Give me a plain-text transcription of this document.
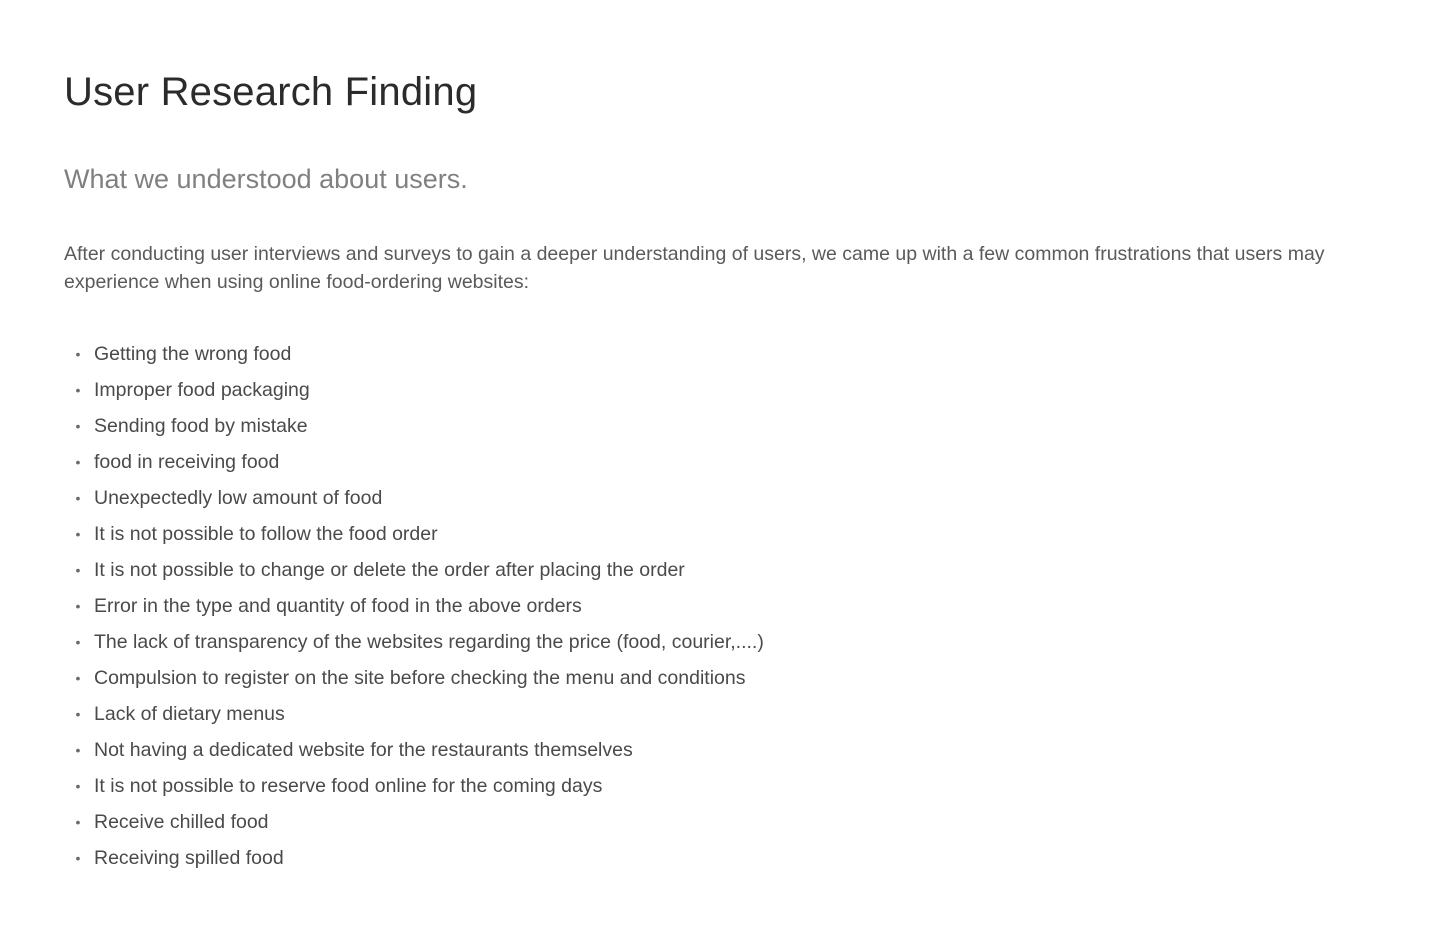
User Research Finding
What we understood about users.

After conducting user interviews and surveys to gain a deeper understanding of users, we came up with a few common frustrations that users may experience when using online food-ordering websites:

• Getting the wrong food
• Improper food packaging
• Sending food by mistake
• food in receiving food
• Unexpectedly low amount of food
• It is not possible to follow the food order
• It is not possible to change or delete the order after placing the order
• Error in the type and quantity of food in the above orders
• The lack of transparency of the websites regarding the price (food, courier,....)
• Compulsion to register on the site before checking the menu and conditions
• Lack of dietary menus
• Not having a dedicated website for the restaurants themselves
• It is not possible to reserve food online for the coming days
• Receive chilled food
• Receiving spilled food
